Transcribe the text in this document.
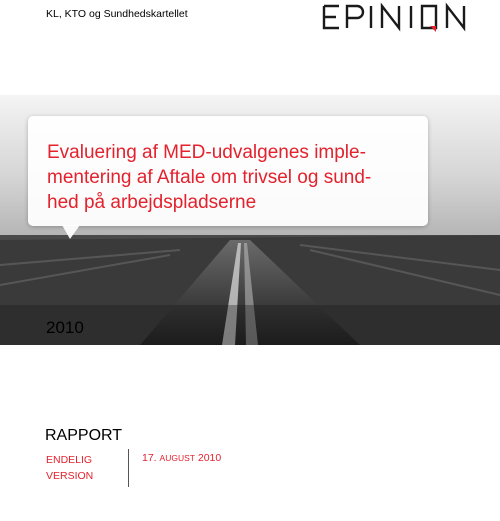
KL, KTO og Sundhedskartellet
Evaluering af MED-udvalgenes imple-
mentering af Aftale om trivsel og sund-
hed på arbejdspladserne
2010
RAPPORT
ENDELIG
VERSION
17. AUGUST 2010
